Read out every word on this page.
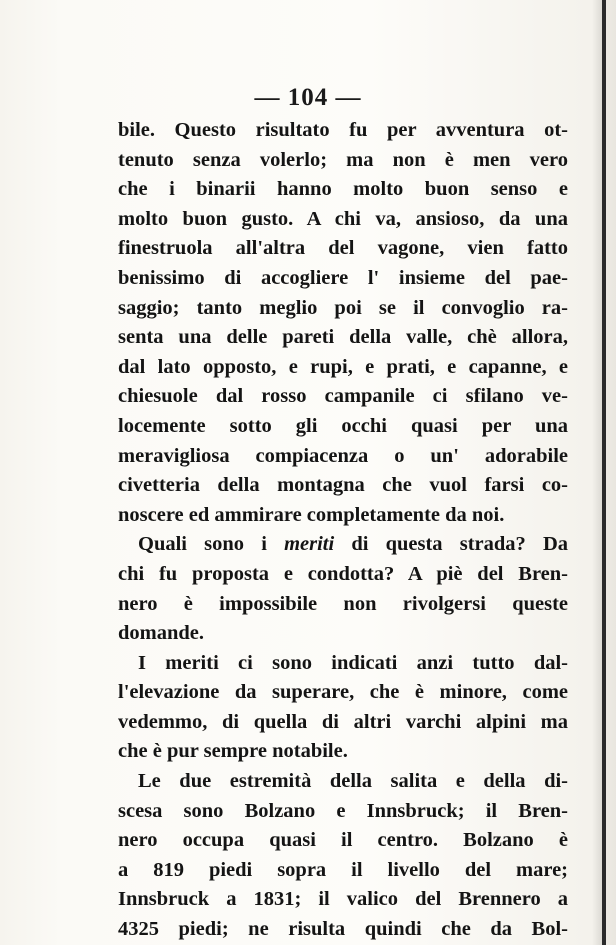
— 104 —
bile. Questo risultato fu per avventura ot-
tenuto senza volerlo; ma non è men vero
che i binarii hanno molto buon senso e
molto buon gusto. A chi va, ansioso, da una
finestruola all'altra del vagone, vien fatto
benissimo di accogliere l' insieme del pae-
saggio; tanto meglio poi se il convoglio ra-
senta una delle pareti della valle, chè allora,
dal lato opposto, e rupi, e prati, e capanne, e
chiesuole dal rosso campanile ci sfilano ve-
locemente sotto gli occhi quasi per una
meravigliosa compiacenza o un' adorabile
civetteria della montagna che vuol farsi co-
noscere ed ammirare completamente da noi.
Quali sono i meriti di questa strada? Da
chi fu proposta e condotta? A piè del Bren-
nero è impossibile non rivolgersi queste
domande.
I meriti ci sono indicati anzi tutto dal-
l'elevazione da superare, che è minore, come
vedemmo, di quella di altri varchi alpini ma
che è pur sempre notabile.
Le due estremità della salita e della di-
scesa sono Bolzano e Innsbruck; il Bren-
nero occupa quasi il centro. Bolzano è
a 819 piedi sopra il livello del mare;
Innsbruck a 1831; il valico del Brennero a
4325 piedi; ne risulta quindi che da Bol-
